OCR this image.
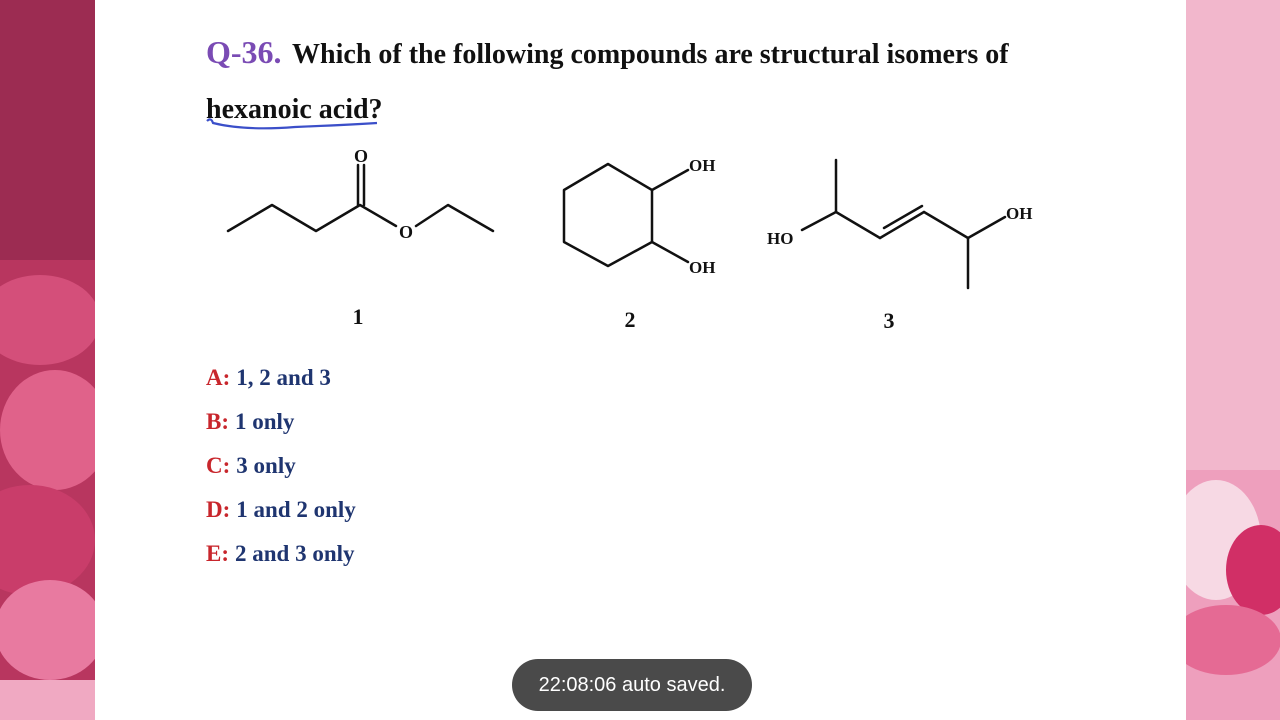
Q-36. Which of the following compounds are structural isomers of
hexanoic acid?
O
O
OH
OH
HO
OH
1	2	3
A: 1, 2 and 3
B: 1 only
C: 3 only
D: 1 and 2 only
E: 2 and 3 only
22:08:06 auto saved.
